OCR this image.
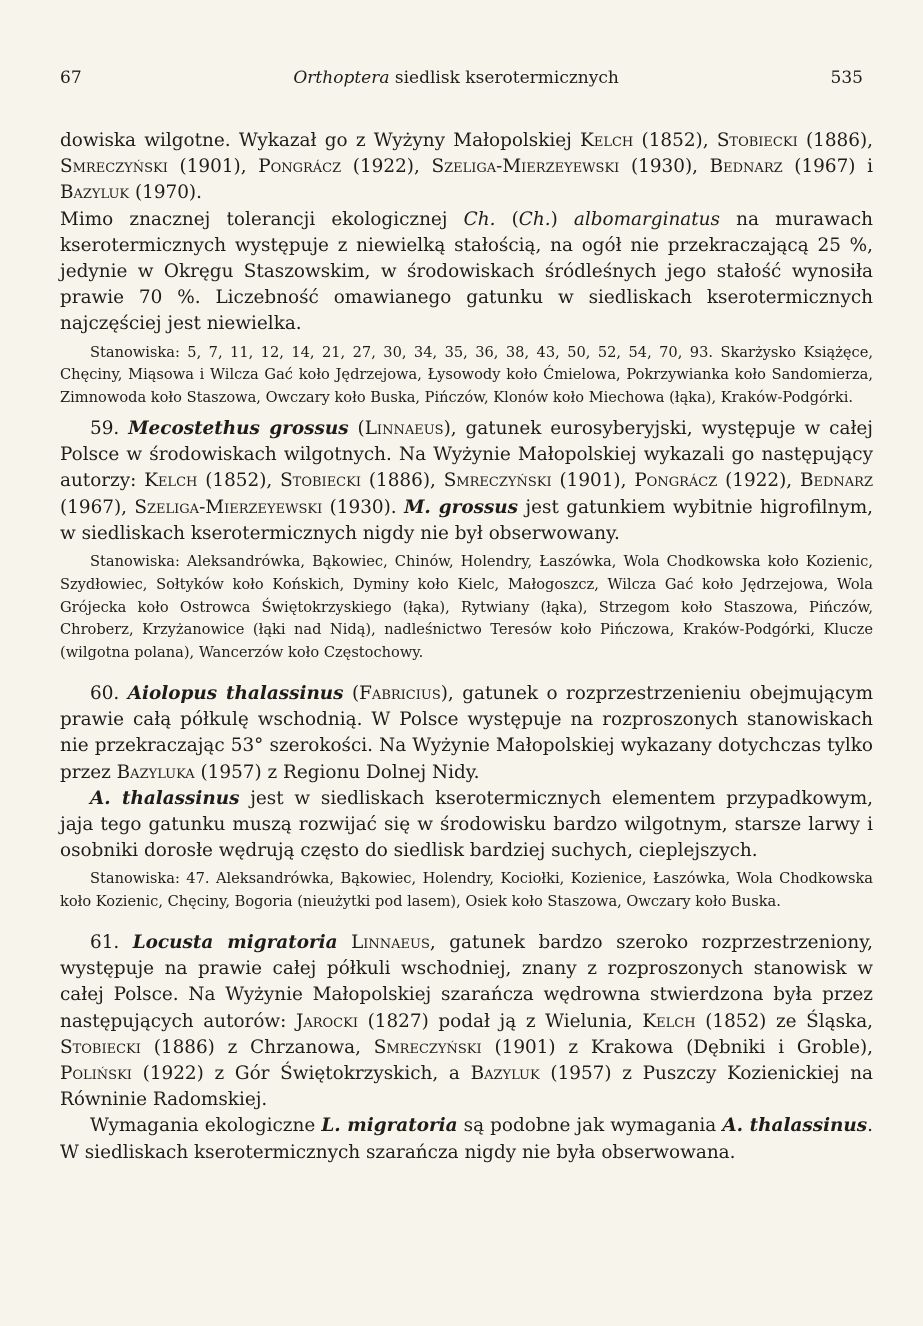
67	Orthoptera siedlisk kserotermicznych	535

dowiska wilgotne. Wykazał go z Wyżyny Małopolskiej Kelch (1852), Stobiecki (1886), Smreczyński (1901), Pongrácz (1922), Szeliga-Mierzeyewski (1930), Bednarz (1967) i Bazyluk (1970).

Mimo znacznej tolerancji ekologicznej Ch. (Ch.) albomarginatus na murawach kserotermicznych występuje z niewielką stałością, na ogół nie przekraczającą 25 %, jedynie w Okręgu Staszowskim, w środowiskach śródleśnych jego stałość wynosiła prawie 70 %. Liczebność omawianego gatunku w siedliskach kserotermicznych najczęściej jest niewielka.

Stanowiska: 5, 7, 11, 12, 14, 21, 27, 30, 34, 35, 36, 38, 43, 50, 52, 54, 70, 93. Skarżysko Książęce, Chęciny, Miąsowa i Wilcza Gać koło Jędrzejowa, Łysowody koło Ćmielowa, Pokrzywianka koło Sandomierza, Zimnowoda koło Staszowa, Owczary koło Buska, Pińczów, Klonów koło Miechowa (łąka), Kraków-Podgórki.

59. Mecostethus grossus (Linnaeus), gatunek eurosyberyjski, występuje w całej Polsce w środowiskach wilgotnych. Na Wyżynie Małopolskiej wykazali go następujący autorzy: Kelch (1852), Stobiecki (1886), Smreczyński (1901), Pongrácz (1922), Bednarz (1967), Szeliga-Mierzeyewski (1930). M. grossus jest gatunkiem wybitnie higrofilnym, w siedliskach kserotermicznych nigdy nie był obserwowany.

Stanowiska: Aleksandrówka, Bąkowiec, Chinów, Holendry, Łaszówka, Wola Chodkowska koło Kozienic, Szydłowiec, Sołtyków koło Końskich, Dyminy koło Kielc, Małogoszcz, Wilcza Gać koło Jędrzejowa, Wola Grójecka koło Ostrowca Świętokrzyskiego (łąka), Rytwiany (łąka), Strzegom koło Staszowa, Pińczów, Chroberz, Krzyżanowice (łąki nad Nidą), nadleśnictwo Teresów koło Pińczowa, Kraków-Podgórki, Klucze (wilgotna polana), Wancerzów koło Częstochowy.

60. Aiolopus thalassinus (Fabricius), gatunek o rozprzestrzenieniu obejmującym prawie całą półkulę wschodnią. W Polsce występuje na rozproszonych stanowiskach nie przekraczając 53° szerokości. Na Wyżynie Małopolskiej wykazany dotychczas tylko przez Bazyluka (1957) z Regionu Dolnej Nidy.

A. thalassinus jest w siedliskach kserotermicznych elementem przypadkowym, jaja tego gatunku muszą rozwijać się w środowisku bardzo wilgotnym, starsze larwy i osobniki dorosłe wędrują często do siedlisk bardziej suchych, cieplejszych.

Stanowiska: 47. Aleksandrówka, Bąkowiec, Holendry, Kociołki, Kozienice, Łaszówka, Wola Chodkowska koło Kozienic, Chęciny, Bogoria (nieużytki pod lasem), Osiek koło Staszowa, Owczary koło Buska.

61. Locusta migratoria Linnaeus, gatunek bardzo szeroko rozprzestrzeniony, występuje na prawie całej półkuli wschodniej, znany z rozproszonych stanowisk w całej Polsce. Na Wyżynie Małopolskiej szarańcza wędrowna stwierdzona była przez następujących autorów: Jarocki (1827) podał ją z Wielunia, Kelch (1852) ze Śląska, Stobiecki (1886) z Chrzanowa, Smreczyński (1901) z Krakowa (Dębniki i Groble), Poliński (1922) z Gór Świętokrzyskich, a Bazyluk (1957) z Puszczy Kozienickiej na Równinie Radomskiej.

Wymagania ekologiczne L. migratoria są podobne jak wymagania A. thalassinus. W siedliskach kserotermicznych szarańcza nigdy nie była obserwowana.
